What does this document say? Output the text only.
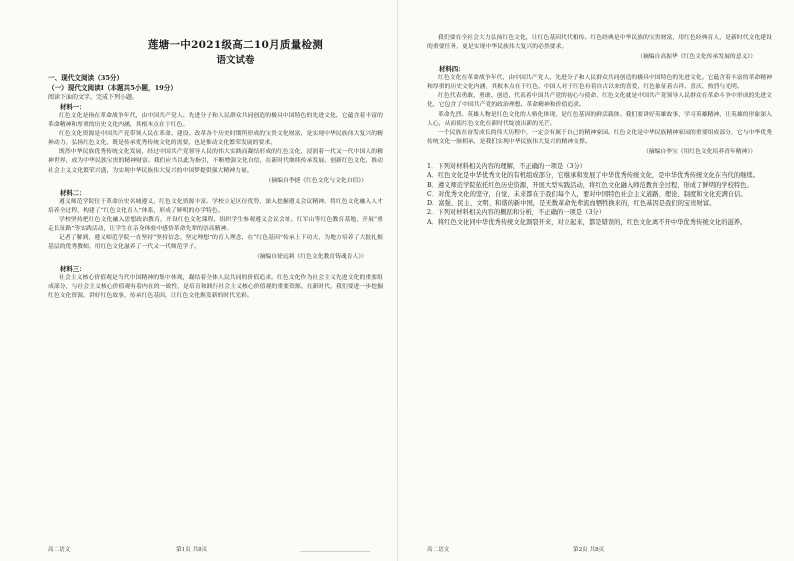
莲塘一中2021级高二10月质量检测
语文试卷
一、现代文阅读（35分）
（一）现代文阅读Ⅰ（本题共5小题，19分）
阅读下面的文字，完成下列小题。
材料一：

红色文化是指在革命战争年代，由中国共产党人、先进分子和人民群众共同创造的极具中国特色的先进文化，它蕴含着丰富的革命精神和厚重的历史文化内涵，其根本点在于红色。

红色文化资源是中国共产党带领人民在革命、建设、改革各个历史时期所形成的宝贵文化财富，是实现中华民族伟大复兴的精神动力。弘扬红色文化，既是传承优秀传统文化的需要，也是推动文化繁荣发展的要求。

既然中华民族优秀传统文化发展，经过中国共产党领导人民的伟大实践而凝结形成的红色文化，浸润着一代又一代中国人的精神世界，成为中华民族宝贵的精神财富。我们应当以此为指引，不断增强文化自信，在新时代继续传承发展、创新红色文化，推动社会主义文化繁荣兴盛，为实现中华民族伟大复兴的中国梦提供强大精神力量。

（摘编自李捷《红色文化与文化自信》）
材料二：

遵义师范学院位于革命历史名城遵义，红色文化资源丰富。学校立足区位优势，深入挖掘遵义会议精神，将红色文化融入人才培养全过程，构建了“红色文化育人”体系，形成了鲜明的办学特色。

学校坚持把红色文化融入思想政治教育，开设红色文化课程，组织学生参观遵义会议会址、红军山等红色教育基地，开展“重走长征路”等实践活动，让学生在亲身体验中感悟革命先辈的崇高精神。

记者了解到，遵义师范学院一直坚持“坚持信念、坚定理想”的育人理念，在“红色基因”传承上下功夫，为地方培养了大批扎根基层的优秀教师，用红色文化滋养了一代又一代师范学子。

（摘编自徐远莉《红色文化教育铸魂育人》）
材料三：

社会主义核心价值观是当代中国精神的集中体现，凝结着全体人民共同的价值追求。红色文化作为社会主义先进文化的重要组成部分，与社会主义核心价值观有着内在的一致性，是培育和践行社会主义核心价值观的重要资源。在新时代，我们要进一步挖掘红色文化资源，讲好红色故事，传承红色基因，让红色文化焕发新的时代光彩。

高二语文	第1页 共8页

我们要在全社会大力弘扬红色文化，让红色基因代代相传。红色经典是中华民族的宝贵财富，用红色经典育人，是新时代文化建设的重要任务，更是实现中华民族伟大复兴的必然要求。

（摘编自高振华《红色文化传承发展的意义》）
材料四：

红色文化在革命战争年代，由中国共产党人、先进分子和人民群众共同创造的极具中国特色的先进文化。它蕴含着丰富的革命精神和厚重的历史文化内涵，其根本点在于红色。中国人对于红色有着自古以来的喜爱，红色象征着吉祥、喜庆、热烈与光明。

红色代表勇敢、勇敢、创造，代表着中国共产党的初心与使命，红色文化就是中国共产党领导人民群众在革命斗争中形成的先进文化，它包含了中国共产党的政治理想、革命精神和价值追求。

革命先烈、英雄人物是红色文化的人格化体现，是红色基因的鲜活载体。我们要讲好英雄故事，学习英雄精神，让英雄的形象深入人心，从而使红色文化在新时代绽放出新的光芒。

一个民族在奋发成长的伟大历程中，一定会有属于自己的精神家园。红色文化是中华民族精神家园的重要组成部分，它与中华优秀传统文化一脉相承，是我们实现中华民族伟大复兴的精神支撑。

（摘编自李宝《用红色文化培养青年精神》）

1．下列对材料相关内容的理解，不正确的一项是（3分）

A．红色文化是中华优秀文化的有机组成部分，它继承和发展了中华优秀传统文化，是中华优秀传统文化在当代的继续。

B．遵义师范学院依托红色历史资源，开展大型实践活动，将红色文化融入师范教育全过程，形成了鲜明的学校特色。

C．对优秀文化的坚守，自觉、未来都在于我们每个人，要对中国特色社会主义道路、理论、制度和文化充满自信。

D．富强、民主、文明、和谐的新中国，是无数革命先辈流血牺牲换来的，红色基因是我们的宝贵财富。

2．下列对材料相关内容的概括和分析，不正确的一项是（3分）

A．将红色文化同中华优秀传统文化割裂开来，对立起来，都是错误的，红色文化离不开中华优秀传统文化的滋养。

高二语文	第2页 共8页
